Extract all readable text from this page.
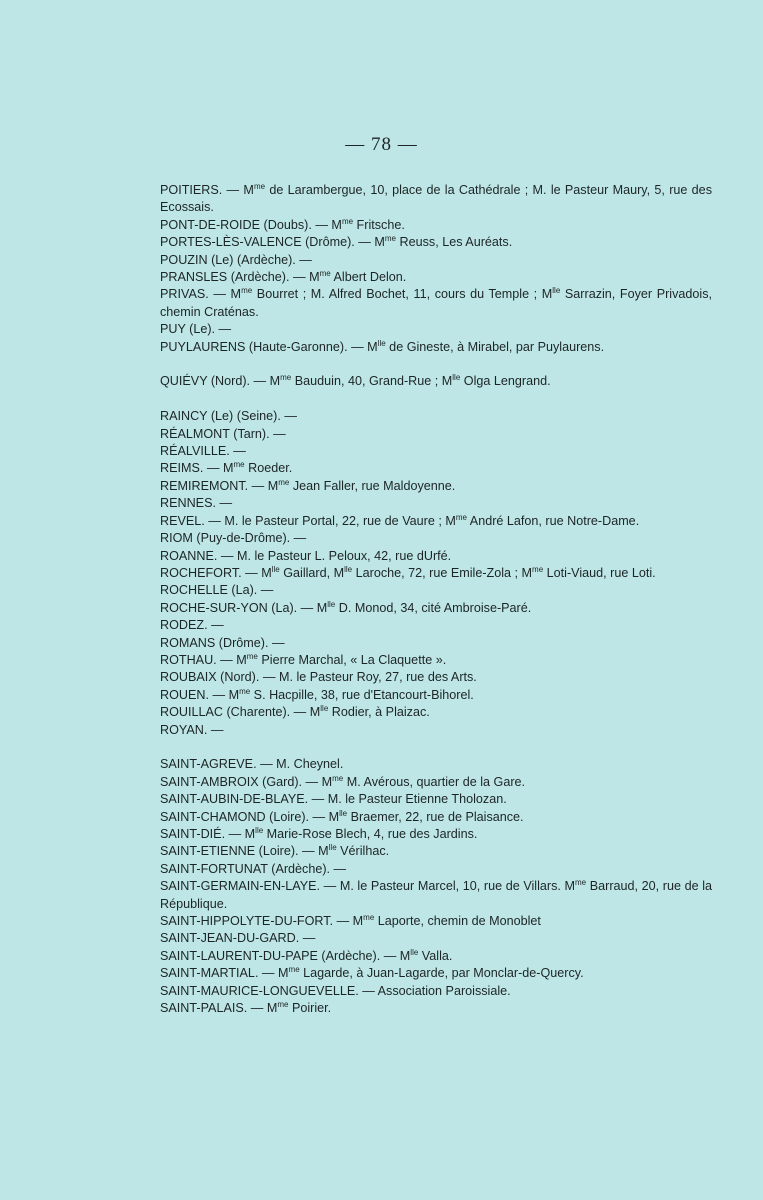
— 78 —
POITIERS. — $M^{me}$ de Larambergue, 10, place de la Cathédrale ; M. le Pasteur Maury, 5, rue des Ecossais.
PONT-DE-ROIDE (Doubs). — $M^{me}$ Fritsche.
PORTES-LÈS-VALENCE (Drôme). — $M^{me}$ Reuss, Les Auréats.
POUZIN (Le) (Ardèche). —
PRANSLES (Ardèche). — $M^{me}$ Albert Delon.
PRIVAS. — $M^{me}$ Bourret ; M. Alfred Bochet, 11, cours du Temple ; $M^{lle}$ Sarrazin, Foyer Privadois, chemin Craténas.
PUY (Le). —
PUYLAURENS (Haute-Garonne). — $M^{lle}$ de Gineste, à Mirabel, par Puylaurens.
QUIÉVY (Nord). — $M^{me}$ Bauduin, 40, Grand-Rue ; $M^{lle}$ Olga Lengrand.
RAINCY (Le) (Seine). —
RÉALMONT (Tarn). —
RÉALVILLE. —
REIMS. — $M^{me}$ Roeder.
REMIREMONT. — $M^{me}$ Jean Faller, rue Maldoyenne.
RENNES. —
REVEL. — M. le Pasteur Portal, 22, rue de Vaure ; $M^{me}$ André Lafon, rue Notre-Dame.
RIOM (Puy-de-Drôme). —
ROANNE. — M. le Pasteur L. Peloux, 42, rue dUrfé.
ROCHEFORT. — $M^{lle}$ Gaillard, $M^{lle}$ Laroche, 72, rue Emile-Zola ; $M^{me}$ Loti-Viaud, rue Loti.
ROCHELLE (La). —
ROCHE-SUR-YON (La). — $M^{lle}$ D. Monod, 34, cité Ambroise-Paré.
RODEZ. —
ROMANS (Drôme). —
ROTHAU. — $M^{me}$ Pierre Marchal, « La Claquette ».
ROUBAIX (Nord). — M. le Pasteur Roy, 27, rue des Arts.
ROUEN. — $M^{me}$ S. Hacpille, 38, rue d'Etancourt-Bihorel.
ROUILLAC (Charente). — $M^{lle}$ Rodier, à Plaizac.
ROYAN. —
SAINT-AGREVE. — M. Cheynel.
SAINT-AMBROIX (Gard). — $M^{me}$ M. Avérous, quartier de la Gare.
SAINT-AUBIN-DE-BLAYE. — M. le Pasteur Etienne Tholozan.
SAINT-CHAMOND (Loire). — $M^{lle}$ Braemer, 22, rue de Plaisance.
SAINT-DIÉ. — $M^{lle}$ Marie-Rose Blech, 4, rue des Jardins.
SAINT-ETIENNE (Loire). — $M^{lle}$ Vérilhac.
SAINT-FORTUNAT (Ardèche). —
SAINT-GERMAIN-EN-LAYE. — M. le Pasteur Marcel, 10, rue de Villars. $M^{me}$ Barraud, 20, rue de la République.
SAINT-HIPPOLYTE-DU-FORT. — $M^{me}$ Laporte, chemin de Monoblet
SAINT-JEAN-DU-GARD. —
SAINT-LAURENT-DU-PAPE (Ardèche). — $M^{lle}$ Valla.
SAINT-MARTIAL. — $M^{me}$ Lagarde, à Juan-Lagarde, par Monclar-de-Quercy.
SAINT-MAURICE-LONGUEVELLE. — Association Paroissiale.
SAINT-PALAIS. — $M^{me}$ Poirier.
